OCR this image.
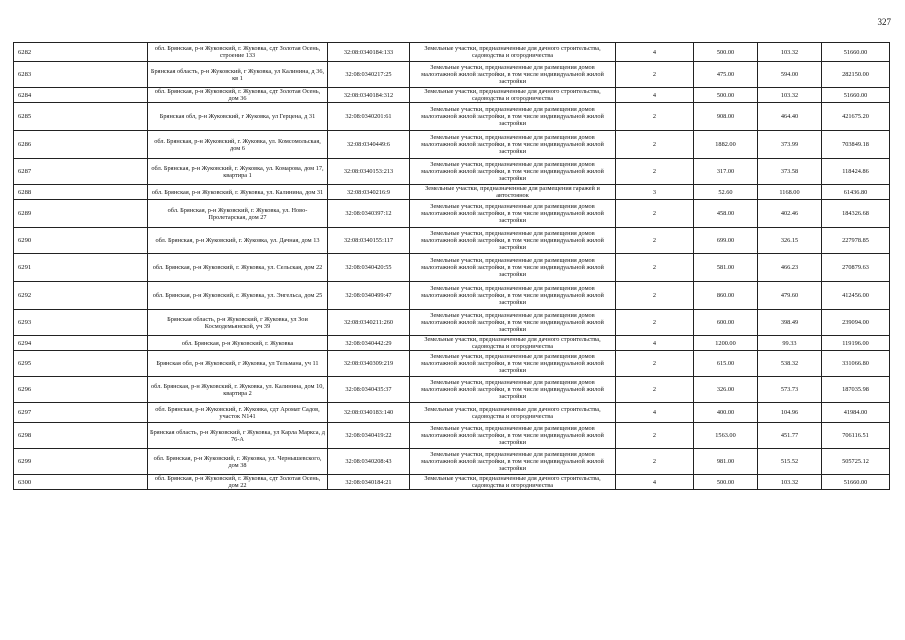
327
6282	обл. Брянская, р-н Жуковский, г. Жуковка, сдт Золотая Осень, строение 133	32:08:0340184:133	Земельные участки, предназначенные для дачного строительства, садоводства и огородничества	4	500.00	103.32	51660.00
6283	Брянская область, р-н Жуковский, г Жуковка, ул Калинина, д 36, кв 1	32:08:0340217:25	Земельные участки, предназначенные для размещения домов малоэтажной жилой застройки, в том числе индивидуальной жилой застройки	2	475.00	594.00	282150.00
6284	обл. Брянская, р-н Жуковский, г. Жуковка, сдт Золотая Осень, дом 36	32:08:0340184:312	Земельные участки, предназначенные для дачного строительства, садоводства и огородничества	4	500.00	103.32	51660.00
6285	Брянская обл, р-н Жуковский, г Жуковка, ул Герцена, д 31	32:08:0340201:61	Земельные участки, предназначенные для размещения домов малоэтажной жилой застройки, в том числе индивидуальной жилой застройки	2	908.00	464.40	421675.20
6286	обл. Брянская, р-н Жуковский, г. Жуковка, ул. Комсомольская, дом 6	32:08:0340449:6	Земельные участки, предназначенные для размещения домов малоэтажной жилой застройки, в том числе индивидуальной жилой застройки	2	1882.00	373.99	703849.18
6287	обл. Брянская, р-н Жуковский, г. Жуковка, ул. Комарова, дом 17, квартира 1	32:08:0340153:213	Земельные участки, предназначенные для размещения домов малоэтажной жилой застройки, в том числе индивидуальной жилой застройки	2	317.00	373.58	118424.86
6288	обл. Брянская, р-н Жуковский, г. Жуковка, ул. Калинина, дом 31	32:08:0340216:9	Земельные участки, предназначенные для размещения гаражей и автостоянок	3	52.60	1168.00	61436.80
6289	обл. Брянская, р-н Жуковский, г. Жуковка, ул. Ново-Пролетарская, дом 27	32:08:0340397:12	Земельные участки, предназначенные для размещения домов малоэтажной жилой застройки, в том числе индивидуальной жилой застройки	2	458.00	402.46	184326.68
6290	обл. Брянская, р-н Жуковский, г. Жуковка, ул. Дачная, дом 13	32:08:0340155:117	Земельные участки, предназначенные для размещения домов малоэтажной жилой застройки, в том числе индивидуальной жилой застройки	2	699.00	326.15	227978.85
6291	обл. Брянская, р-н Жуковский, г. Жуковка, ул. Сельская, дом 22	32:08:0340420:55	Земельные участки, предназначенные для размещения домов малоэтажной жилой застройки, в том числе индивидуальной жилой застройки	2	581.00	466.23	270879.63
6292	обл. Брянская, р-н Жуковский, г. Жуковка, ул. Энгельса, дом 25	32:08:0340499:47	Земельные участки, предназначенные для размещения домов малоэтажной жилой застройки, в том числе индивидуальной жилой застройки	2	860.00	479.60	412456.00
6293	Брянская область, р-н Жуковский, г Жуковка, ул Зои Космодемьянской, уч 39	32:08:0340211:260	Земельные участки, предназначенные для размещения домов малоэтажной жилой застройки, в том числе индивидуальной жилой застройки	2	600.00	398.49	239094.00
6294	обл. Брянская, р-н Жуковский, г. Жуковка	32:08:0340442:29	Земельные участки, предназначенные для дачного строительства, садоводства и огородничества	4	1200.00	99.33	119196.00
6295	Брянская обл, р-н Жуковский, г Жуковка, ул Тельмана, уч 11	32:08:0340309:219	Земельные участки, предназначенные для размещения домов малоэтажной жилой застройки, в том числе индивидуальной жилой застройки	2	615.00	538.32	331066.80
6296	обл. Брянская, р-н Жуковский, г. Жуковка, ул. Калинина, дом 10, квартира 2	32:08:0340435:37	Земельные участки, предназначенные для размещения домов малоэтажной жилой застройки, в том числе индивидуальной жилой застройки	2	326.00	573.73	187035.98
6297	обл. Брянская, р-н Жуковский, г. Жуковка, сдт Аромат Садов, участок N141	32:08:0340183:140	Земельные участки, предназначенные для дачного строительства, садоводства и огородничества	4	400.00	104.96	41984.00
6298	Брянская область, р-н Жуковский, г Жуковка, ул Карла Маркса, д 76-А	32:08:0340419:22	Земельные участки, предназначенные для размещения домов малоэтажной жилой застройки, в том числе индивидуальной жилой застройки	2	1563.00	451.77	706116.51
6299	обл. Брянская, р-н Жуковский, г. Жуковка, ул. Чернышевского, дом 38	32:08:0340208:43	Земельные участки, предназначенные для размещения домов малоэтажной жилой застройки, в том числе индивидуальной жилой застройки	2	981.00	515.52	505725.12
6300	обл. Брянская, р-н Жуковский, г. Жуковка, сдт Золотая Осень, дом 22	32:08:0340184:21	Земельные участки, предназначенные для дачного строительства, садоводства и огородничества	4	500.00	103.32	51660.00
